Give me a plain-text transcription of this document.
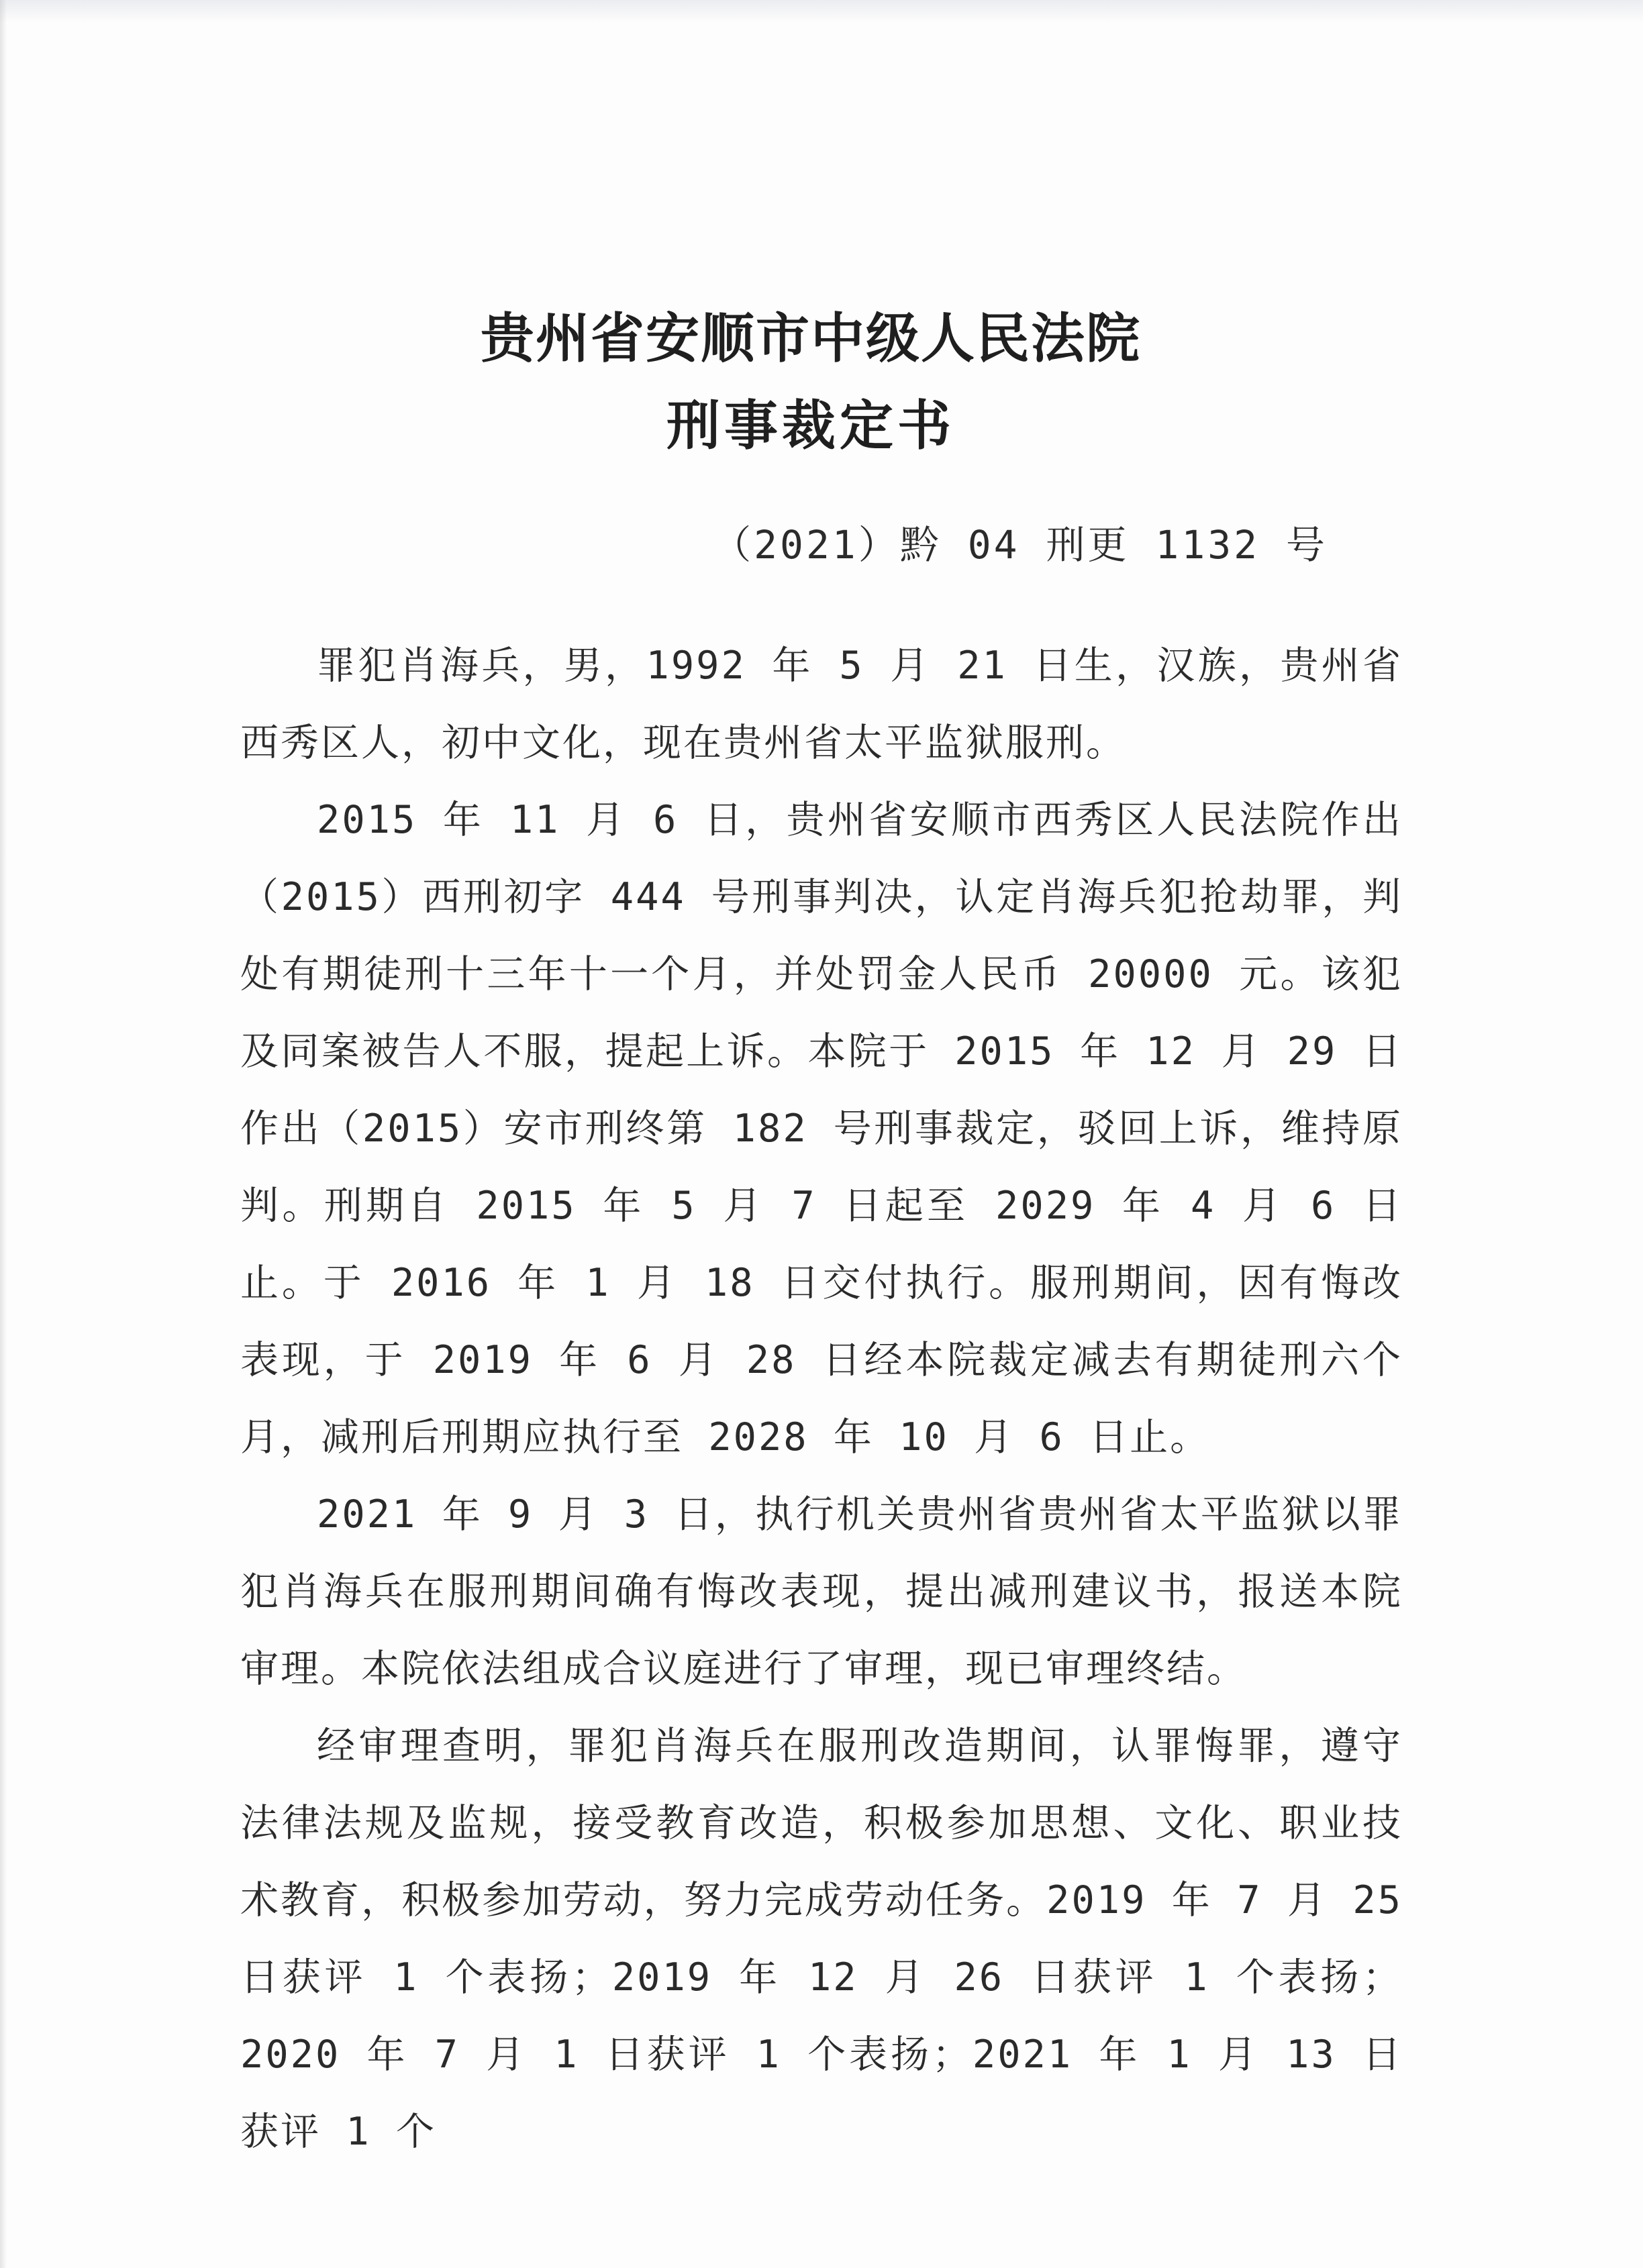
贵州省安顺市中级人民法院
刑事裁定书
（2021）黔 04 刑更 1132 号

罪犯肖海兵，男，1992 年 5 月 21 日生，汉族，贵州省西秀区人，初中文化，现在贵州省太平监狱服刑。

2015 年 11 月 6 日，贵州省安顺市西秀区人民法院作出（2015）西刑初字 444 号刑事判决，认定肖海兵犯抢劫罪，判处有期徒刑十三年十一个月，并处罚金人民币 20000 元。该犯及同案被告人不服，提起上诉。本院于 2015 年 12 月 29 日作出（2015）安市刑终第 182 号刑事裁定，驳回上诉，维持原判。刑期自 2015 年 5 月 7 日起至 2029 年 4 月 6 日止。于 2016 年 1 月 18 日交付执行。服刑期间，因有悔改表现，于 2019 年 6 月 28 日经本院裁定减去有期徒刑六个月，减刑后刑期应执行至 2028 年 10 月 6 日止。

2021 年 9 月 3 日，执行机关贵州省贵州省太平监狱以罪犯肖海兵在服刑期间确有悔改表现，提出减刑建议书，报送本院审理。本院依法组成合议庭进行了审理，现已审理终结。

经审理查明，罪犯肖海兵在服刑改造期间，认罪悔罪，遵守法律法规及监规，接受教育改造，积极参加思想、文化、职业技术教育，积极参加劳动，努力完成劳动任务。2019 年 7 月 25 日获评 1 个表扬；2019 年 12 月 26 日获评 1 个表扬；2020 年 7 月 1 日获评 1 个表扬；2021 年 1 月 13 日获评 1 个
